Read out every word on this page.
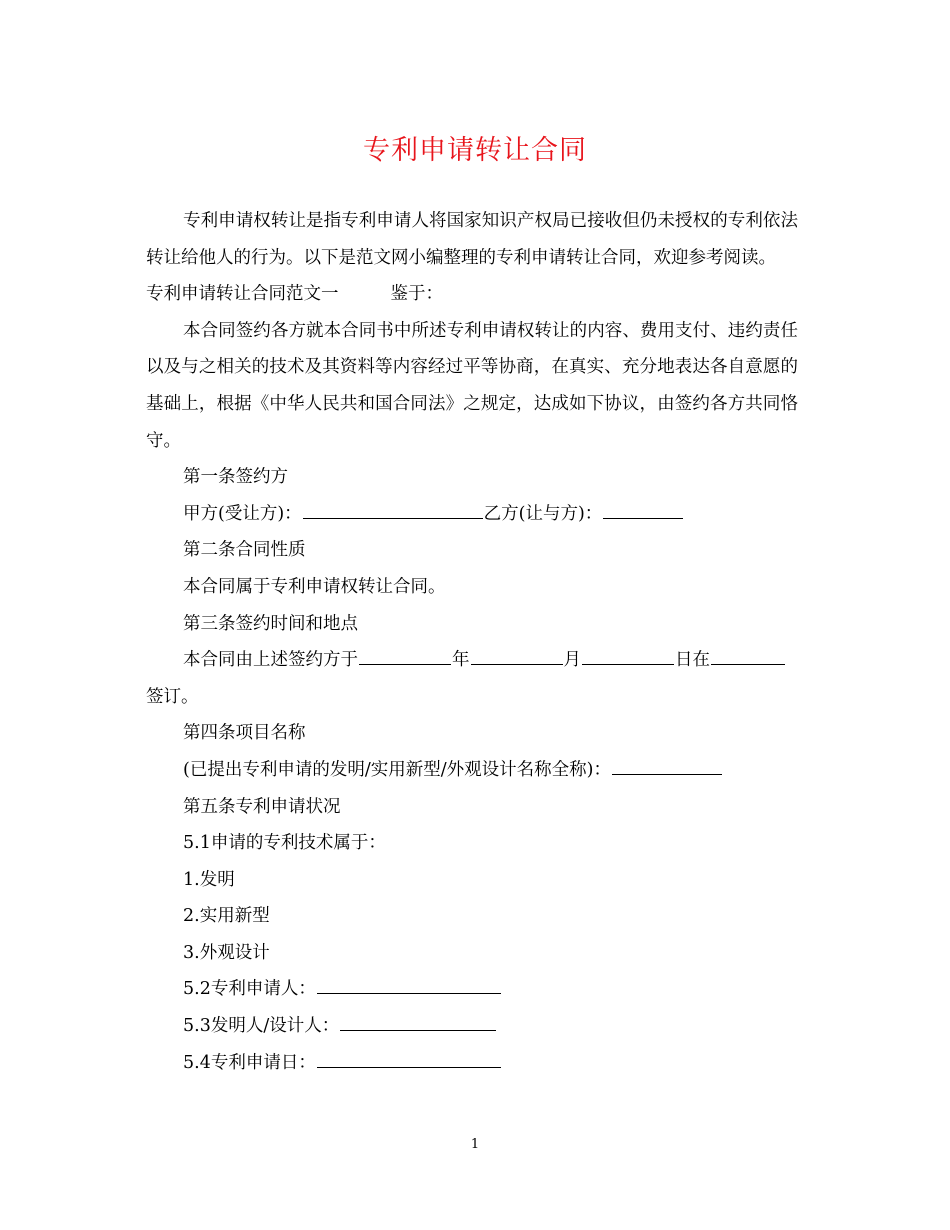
专利申请转让合同

专利申请权转让是指专利申请人将国家知识产权局已接收但仍未授权的专利依法转让给他人的行为。以下是范文网小编整理的专利申请转让合同，欢迎参考阅读。

专利申请转让合同范文一	鉴于：

本合同签约各方就本合同书中所述专利申请权转让的内容、费用支付、违约责任以及与之相关的技术及其资料等内容经过平等协商，在真实、充分地表达各自意愿的基础上，根据《中华人民共和国合同法》之规定，达成如下协议，由签约各方共同恪守。

第一条签约方

甲方(受让方)：	乙方(让与方)：

第二条合同性质

本合同属于专利申请权转让合同。

第三条签约时间和地点

本合同由上述签约方于	年	月	日在

签订。

第四条项目名称

(已提出专利申请的发明/实用新型/外观设计名称全称)：

第五条专利申请状况

5.1申请的专利技术属于：

1.发明

2.实用新型

3.外观设计

5.2专利申请人：

5.3发明人/设计人：

5.4专利申请日：

1
